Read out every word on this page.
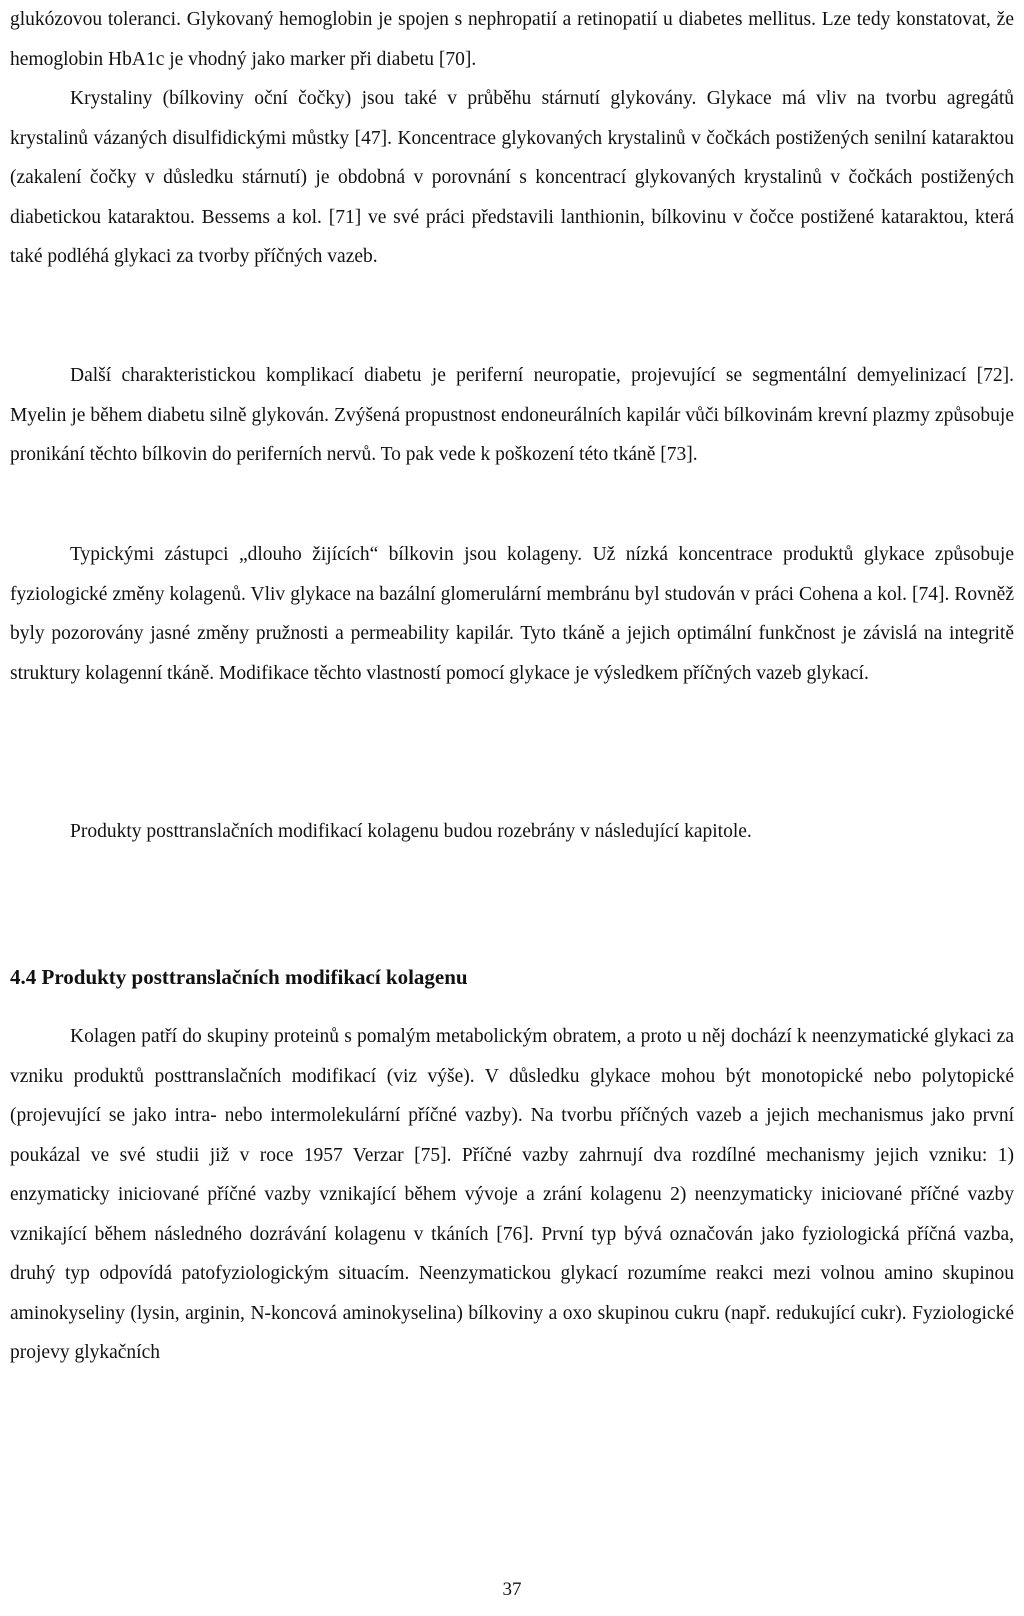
glukózovou toleranci. Glykovaný hemoglobin je spojen s nephropatií a retinopatií u diabetes mellitus. Lze tedy konstatovat, že hemoglobin HbA1c je vhodný jako marker při diabetu [70].

Krystaliny (bílkoviny oční čočky) jsou také v průběhu stárnutí glykovány. Glykace má vliv na tvorbu agregátů krystalinů vázaných disulfidickými můstky [47]. Koncentrace glykovaných krystalinů v čočkách postižených senilní kataraktou (zakalení čočky v důsledku stárnutí) je obdobná v porovnání s koncentrací glykovaných krystalinů v čočkách postižených diabetickou kataraktou. Bessems a kol. [71] ve své práci představili lanthionin, bílkovinu v čočce postižené kataraktou, která také podléhá glykaci za tvorby příčných vazeb.

Další charakteristickou komplikací diabetu je periferní neuropatie, projevující se segmentální demyelinizací [72]. Myelin je během diabetu silně glykován. Zvýšená propustnost endoneurálních kapilár vůči bílkovinám krevní plazmy způsobuje pronikání těchto bílkovin do periferních nervů. To pak vede k poškození této tkáně [73].

Typickými zástupci „dlouho žijících“ bílkovin jsou kolageny. Už nízká koncentrace produktů glykace způsobuje fyziologické změny kolagenů. Vliv glykace na bazální glomerulární membránu byl studován v práci Cohena a kol. [74]. Rovněž byly pozorovány jasné změny pružnosti a permeability kapilár. Tyto tkáně a jejich optimální funkčnost je závislá na integritě struktury kolagenní tkáně. Modifikace těchto vlastností pomocí glykace je výsledkem příčných vazeb glykací.

Produkty posttranslačních modifikací kolagenu budou rozebrány v následující kapitole.

4.4 Produkty posttranslačních modifikací kolagenu

Kolagen patří do skupiny proteinů s pomalým metabolickým obratem, a proto u něj dochází k neenzymatické glykaci za vzniku produktů posttranslačních modifikací (viz výše). V důsledku glykace mohou být monotopické nebo polytopické (projevující se jako intra- nebo intermolekulární příčné vazby). Na tvorbu příčných vazeb a jejich mechanismus jako první poukázal ve své studii již v roce 1957 Verzar [75]. Příčné vazby zahrnují dva rozdílné mechanismy jejich vzniku: 1) enzymaticky iniciované příčné vazby vznikající během vývoje a zrání kolagenu 2) neenzymaticky iniciované příčné vazby vznikající během následného dozrávání kolagenu v tkáních [76]. První typ bývá označován jako fyziologická příčná vazba, druhý typ odpovídá patofyziologickým situacím. Neenzymatickou glykací rozumíme reakci mezi volnou amino skupinou aminokyseliny (lysin, arginin, N-koncová aminokyselina) bílkoviny a oxo skupinou cukru (např. redukující cukr). Fyziologické projevy glykačních

37
